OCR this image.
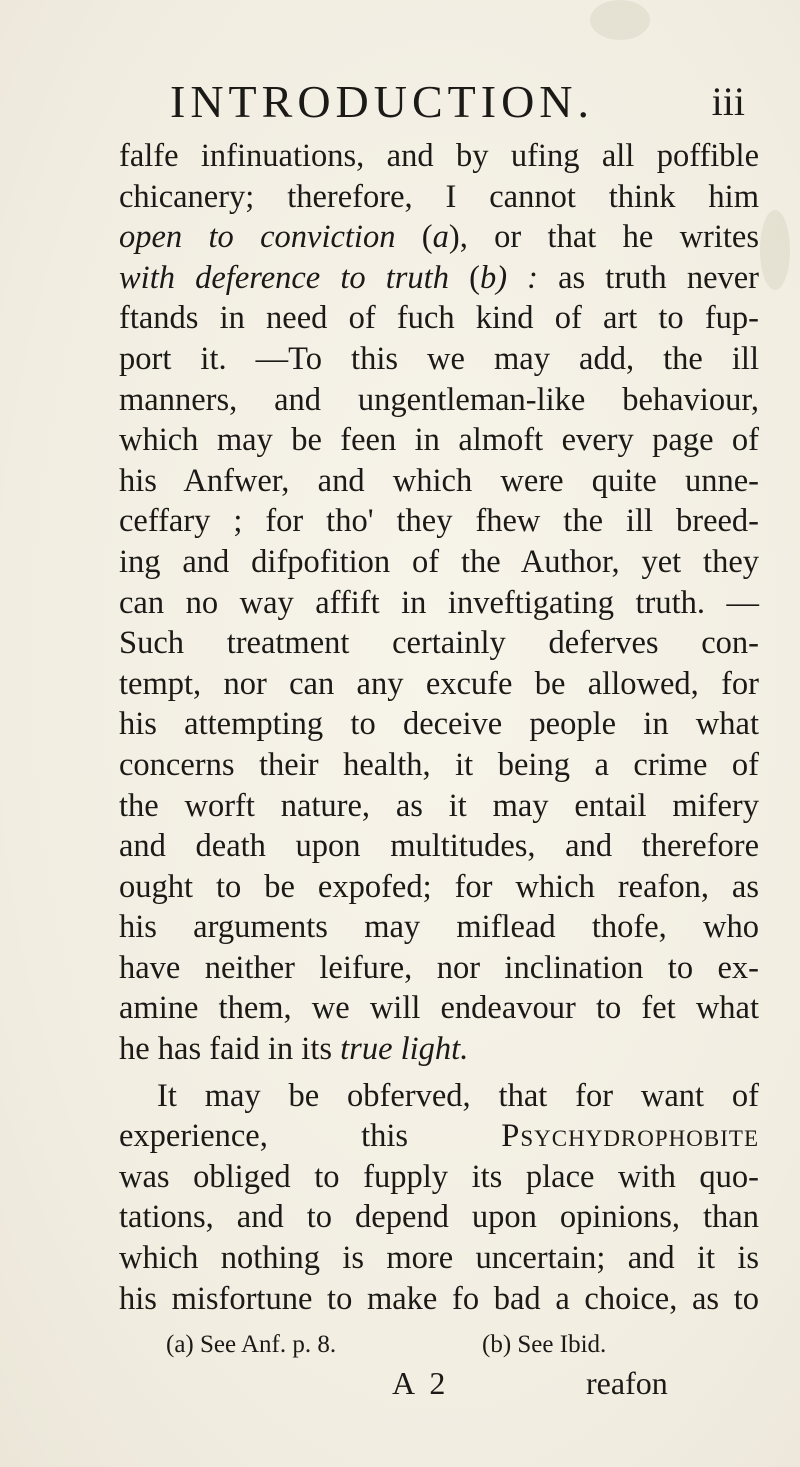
INTRODUCTION.	iii
falfe infinuations, and by ufing all poffible
chicanery; therefore, I cannot think him
open to conviction (a), or that he writes
with deference to truth (b) : as truth never
ftands in need of fuch kind of art to fup-
port it. —To this we may add, the ill
manners, and ungentleman-like behaviour,
which may be feen in almoft every page of
his Anfwer, and which were quite unne-
ceffary ; for tho' they fhew the ill breed-
ing and difpofition of the Author, yet they
can no way affift in inveftigating truth. —
Such treatment certainly deferves con-
tempt, nor can any excufe be allowed, for
his attempting to deceive people in what
concerns their health, it being a crime of
the worft nature, as it may entail mifery
and death upon multitudes, and therefore
ought to be expofed; for which reafon, as
his arguments may miflead thofe, who
have neither leifure, nor inclination to ex-
amine them, we will endeavour to fet what
he has faid in its true light.
It may be obferved, that for want of
experience, this Psychydrophobite
was obliged to fupply its place with quo-
tations, and to depend upon opinions, than
which nothing is more uncertain; and it is
his misfortune to make fo bad a choice, as to
(a) See Anf. p. 8.	(b) See Ibid.
A 2	reafon
